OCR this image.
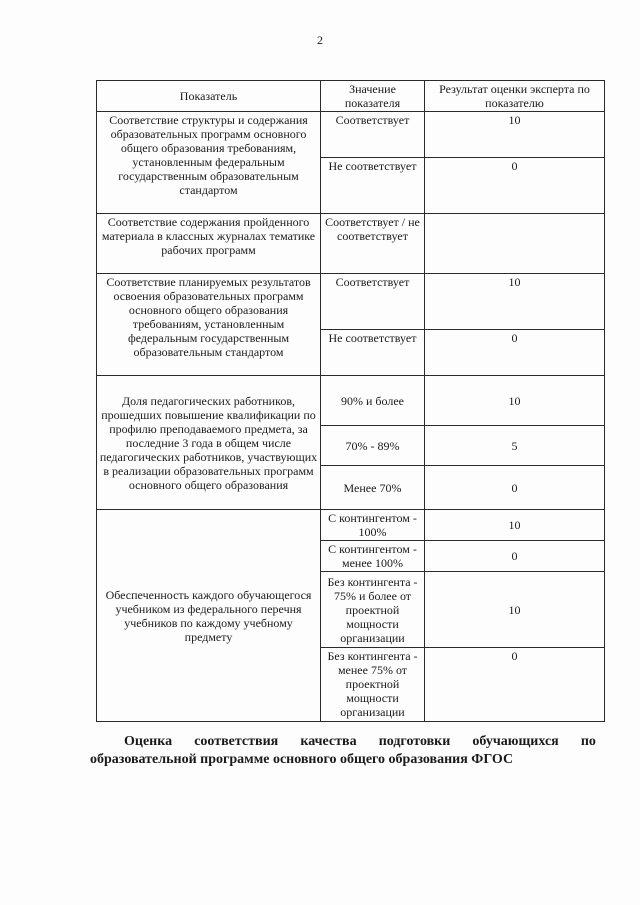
2
Показатель	Значение показателя	Результат оценки эксперта по показателю
Соответствие структуры и содержания образовательных программ основного общего образования требованиям, установленным федеральным государственным образовательным стандартом	Соответствует	10
	Не соответствует	0
Соответствие содержания пройденного материала в классных журналах тематике рабочих программ	Соответствует / не соответствует	
Соответствие планируемых результатов освоения образовательных программ основного общего образования требованиям, установленным федеральным государственным образовательным стандартом	Соответствует	10
	Не соответствует	0
Доля педагогических работников, прошедших повышение квалификации по профилю преподаваемого предмета, за последние 3 года в общем числе педагогических работников, участвующих в реализации образовательных программ основного общего образования	90% и более	10
	70% - 89%	5
	Менее 70%	0
Обеспеченность каждого обучающегося учебником из федерального перечня учебников по каждому учебному предмету	С контингентом - 100%	10
	С контингентом - менее 100%	0
	Без контингента - 75% и более от проектной мощности организации	10
	Без контингента - менее 75% от проектной мощности организации	0
Оценка соответствия качества подготовки обучающихся по
образовательной программе основного общего образования ФГОС
